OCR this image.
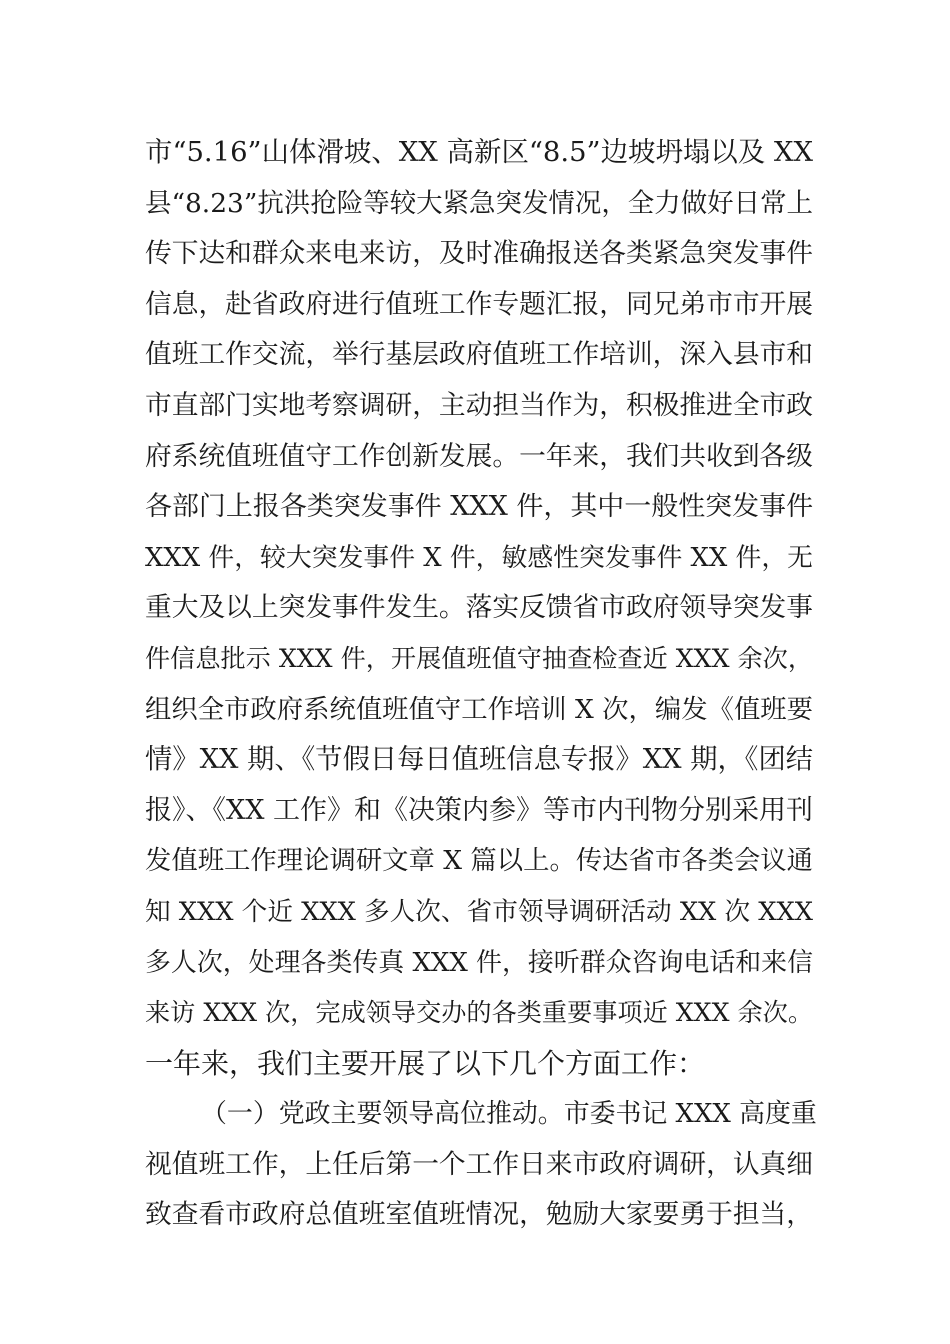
市“5.16”山体滑坡、XX 高新区“8.5”边坡坍塌以及 XX
县“8.23”抗洪抢险等较大紧急突发情况，全力做好日常上
传下达和群众来电来访，及时准确报送各类紧急突发事件
信息，赴省政府进行值班工作专题汇报，同兄弟市市开展
值班工作交流，举行基层政府值班工作培训，深入县市和
市直部门实地考察调研，主动担当作为，积极推进全市政
府系统值班值守工作创新发展。一年来，我们共收到各级
各部门上报各类突发事件 XXX 件，其中一般性突发事件
XXX 件，较大突发事件 X 件，敏感性突发事件 XX 件，无
重大及以上突发事件发生。落实反馈省市政府领导突发事
件信息批示 XXX 件，开展值班值守抽查检查近 XXX 余次，
组织全市政府系统值班值守工作培训 X 次，编发《值班要
情》XX 期、《节假日每日值班信息专报》XX 期，《团结
报》、《XX 工作》和《决策内参》等市内刊物分别采用刊
发值班工作理论调研文章 X 篇以上。传达省市各类会议通
知 XXX 个近 XXX 多人次、省市领导调研活动 XX 次 XXX
多人次，处理各类传真 XXX 件，接听群众咨询电话和来信
来访 XXX 次，完成领导交办的各类重要事项近 XXX 余次。
一年来，我们主要开展了以下几个方面工作：
（一）党政主要领导高位推动。市委书记 XXX 高度重
视值班工作，上任后第一个工作日来市政府调研，认真细
致查看市政府总值班室值班情况，勉励大家要勇于担当，
